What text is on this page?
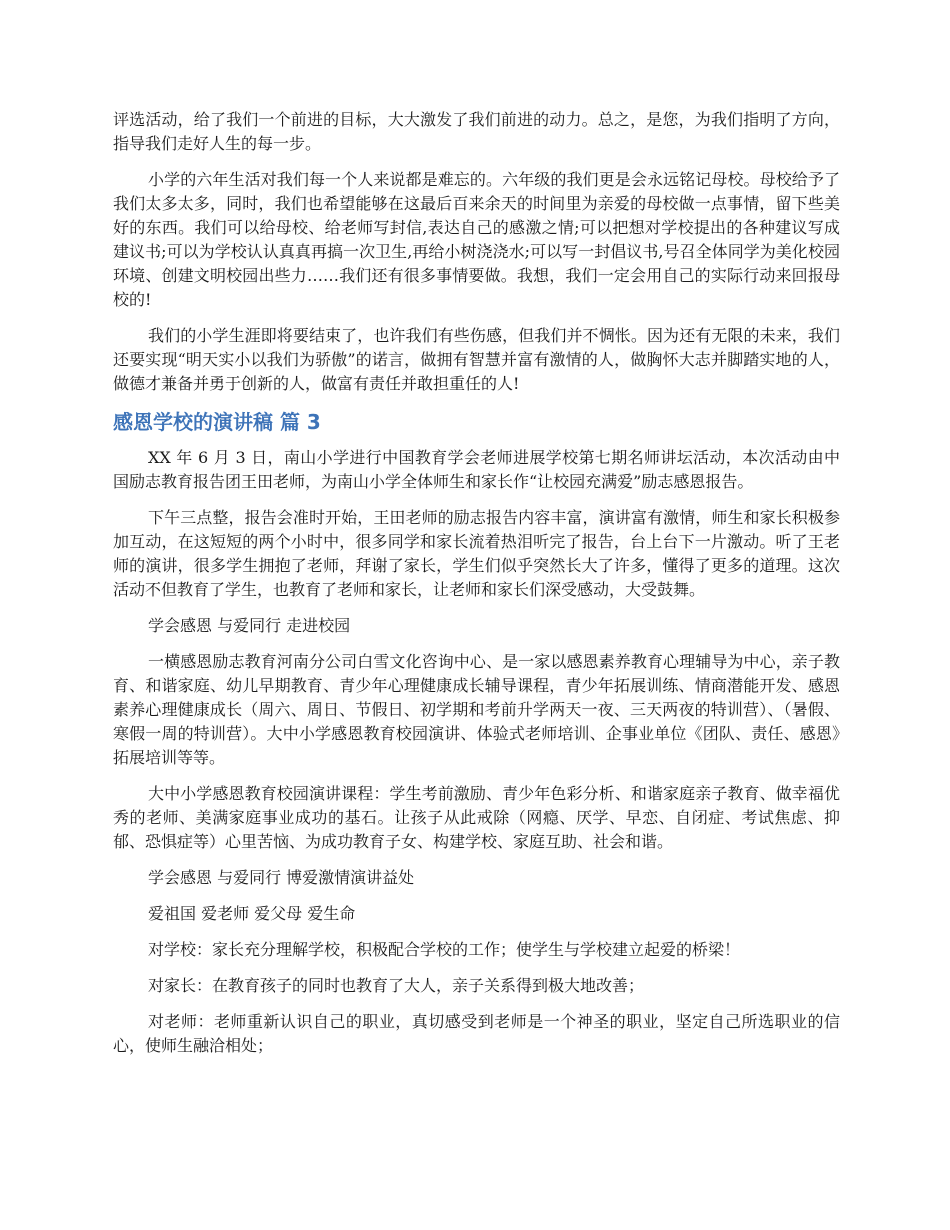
评选活动，给了我们一个前进的目标，大大激发了我们前进的动力。总之，是您，为我们指明了方向，指导我们走好人生的每一步。

小学的六年生活对我们每一个人来说都是难忘的。六年级的我们更是会永远铭记母校。母校给予了我们太多太多，同时，我们也希望能够在这最后百来余天的时间里为亲爱的母校做一点事情，留下些美好的东西。我们可以给母校、给老师写封信,表达自己的感激之情;可以把想对学校提出的各种建议写成建议书;可以为学校认认真真再搞一次卫生,再给小树浇浇水;可以写一封倡议书,号召全体同学为美化校园环境、创建文明校园出些力……我们还有很多事情要做。我想，我们一定会用自己的实际行动来回报母校的!

我们的小学生涯即将要结束了，也许我们有些伤感，但我们并不惆怅。因为还有无限的未来，我们还要实现“明天实小以我们为骄傲”的诺言，做拥有智慧并富有激情的人，做胸怀大志并脚踏实地的人，做德才兼备并勇于创新的人，做富有责任并敢担重任的人!

感恩学校的演讲稿 篇 3

XX 年 6 月 3 日，南山小学进行中国教育学会老师进展学校第七期名师讲坛活动，本次活动由中国励志教育报告团王田老师，为南山小学全体师生和家长作“让校园充满爱”励志感恩报告。

下午三点整，报告会准时开始，王田老师的励志报告内容丰富，演讲富有激情，师生和家长积极参加互动，在这短短的两个小时中，很多同学和家长流着热泪听完了报告，台上台下一片激动。听了王老师的演讲，很多学生拥抱了老师，拜谢了家长，学生们似乎突然长大了许多，懂得了更多的道理。这次活动不但教育了学生，也教育了老师和家长，让老师和家长们深受感动，大受鼓舞。

学会感恩 与爱同行 走进校园

一横感恩励志教育河南分公司白雪文化咨询中心、是一家以感恩素养教育心理辅导为中心，亲子教育、和谐家庭、幼儿早期教育、青少年心理健康成长辅导课程，青少年拓展训练、情商潜能开发、感恩素养心理健康成长（周六、周日、节假日、初学期和考前升学两天一夜、三天两夜的特训营）、（暑假、寒假一周的特训营）。大中小学感恩教育校园演讲、体验式老师培训、企事业单位《团队、责任、感恩》拓展培训等等。

大中小学感恩教育校园演讲课程：学生考前激励、青少年色彩分析、和谐家庭亲子教育、做幸福优秀的老师、美满家庭事业成功的基石。让孩子从此戒除（网瘾、厌学、早恋、自闭症、考试焦虑、抑郁、恐惧症等）心里苦恼、为成功教育子女、构建学校、家庭互助、社会和谐。

学会感恩 与爱同行 博爱激情演讲益处

爱祖国 爱老师 爱父母 爱生命

对学校：家长充分理解学校，积极配合学校的工作；使学生与学校建立起爱的桥梁！

对家长：在教育孩子的同时也教育了大人，亲子关系得到极大地改善；

对老师：老师重新认识自己的职业，真切感受到老师是一个神圣的职业，坚定自己所选职业的信心，使师生融洽相处；
